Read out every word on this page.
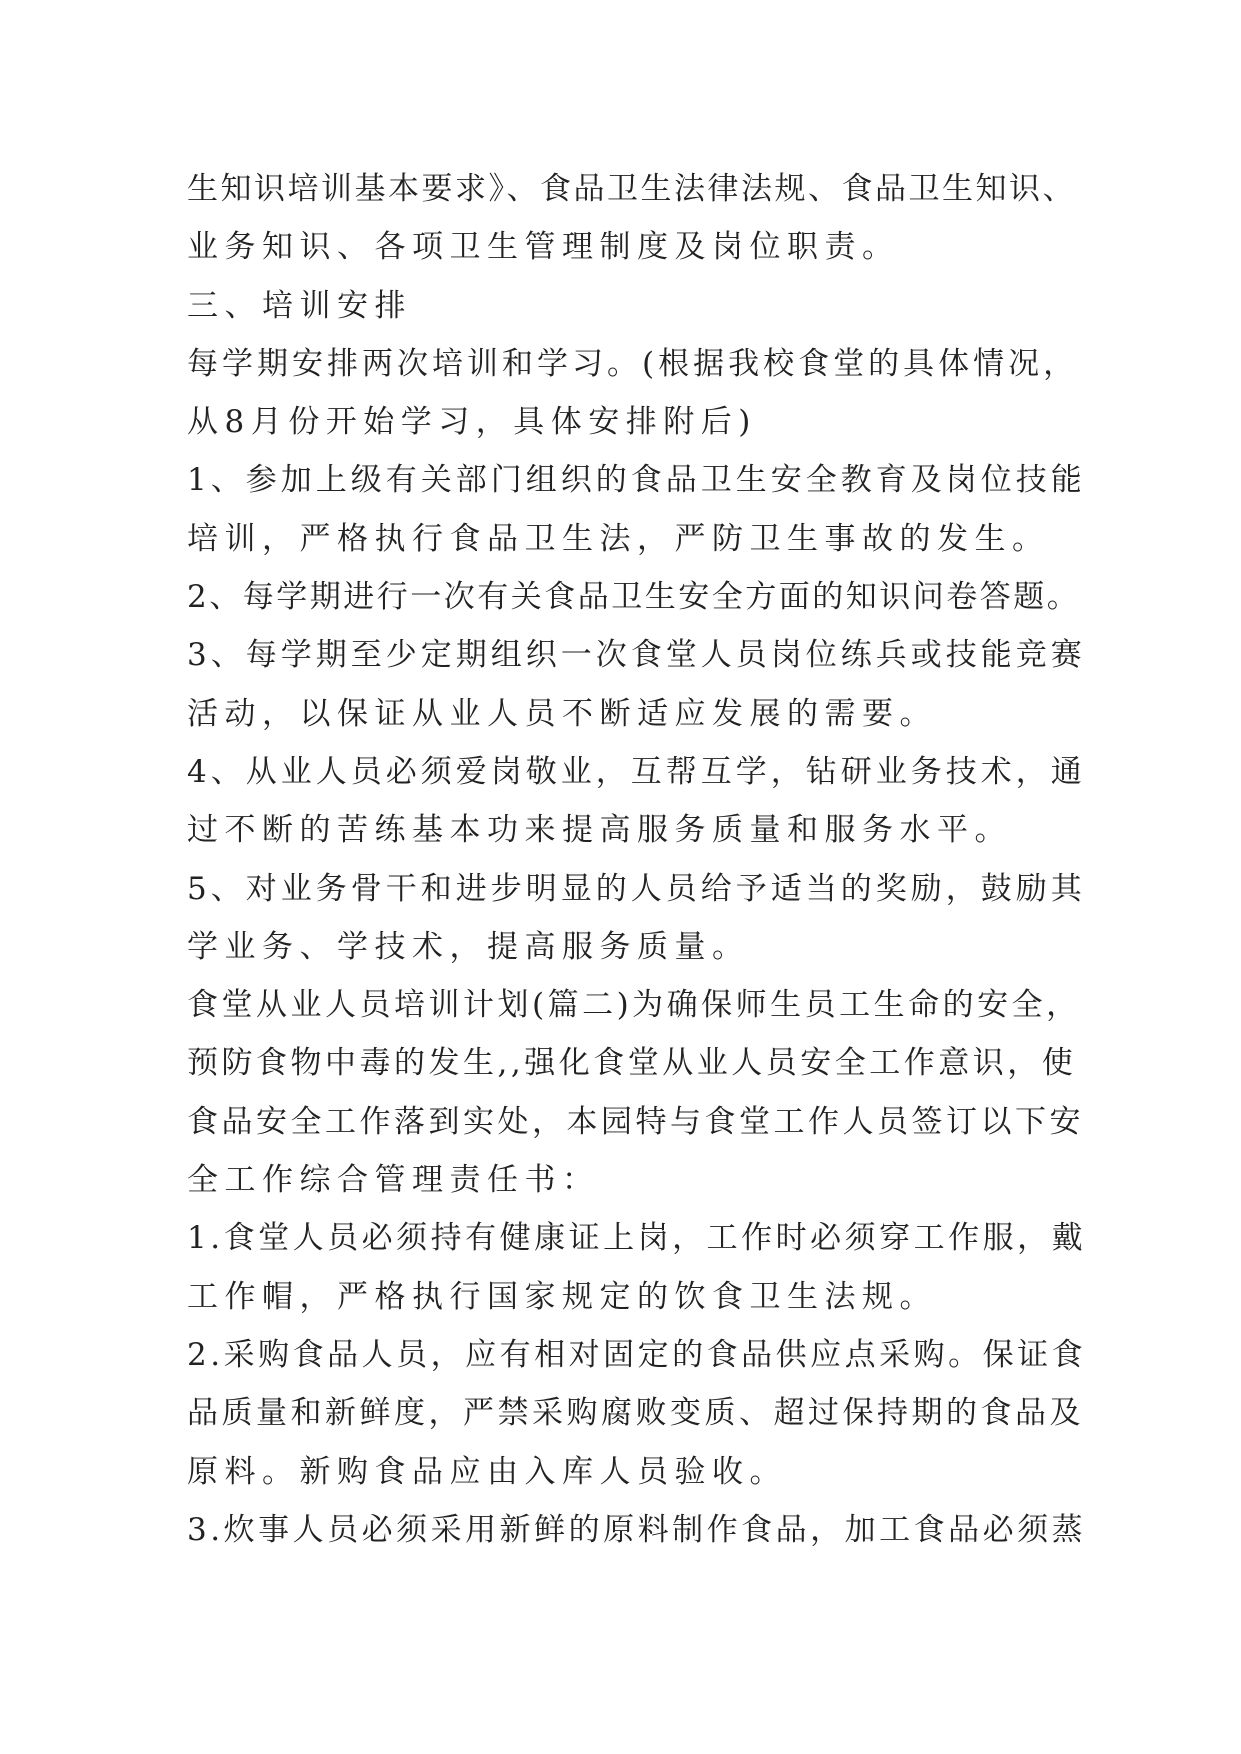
生知识培训基本要求》、食品卫生法律法规、食品卫生知识、
业务知识、各项卫生管理制度及岗位职责。
三、培训安排
每学期安排两次培训和学习。(根据我校食堂的具体情况，
从8月份开始学习，具体安排附后)
1、参加上级有关部门组织的食品卫生安全教育及岗位技能
培训，严格执行食品卫生法，严防卫生事故的发生。
2、每学期进行一次有关食品卫生安全方面的知识问卷答题。
3、每学期至少定期组织一次食堂人员岗位练兵或技能竞赛
活动，以保证从业人员不断适应发展的需要。
4、从业人员必须爱岗敬业，互帮互学，钻研业务技术，通
过不断的苦练基本功来提高服务质量和服务水平。
5、对业务骨干和进步明显的人员给予适当的奖励，鼓励其
学业务、学技术，提高服务质量。
食堂从业人员培训计划(篇二)为确保师生员工生命的安全，
预防食物中毒的发生,,强化食堂从业人员安全工作意识，使
食品安全工作落到实处，本园特与食堂工作人员签订以下安
全工作综合管理责任书：
1.食堂人员必须持有健康证上岗，工作时必须穿工作服，戴
工作帽，严格执行国家规定的饮食卫生法规。
2.采购食品人员，应有相对固定的食品供应点采购。保证食
品质量和新鲜度，严禁采购腐败变质、超过保持期的食品及
原料。新购食品应由入库人员验收。
3.炊事人员必须采用新鲜的原料制作食品，加工食品必须蒸
